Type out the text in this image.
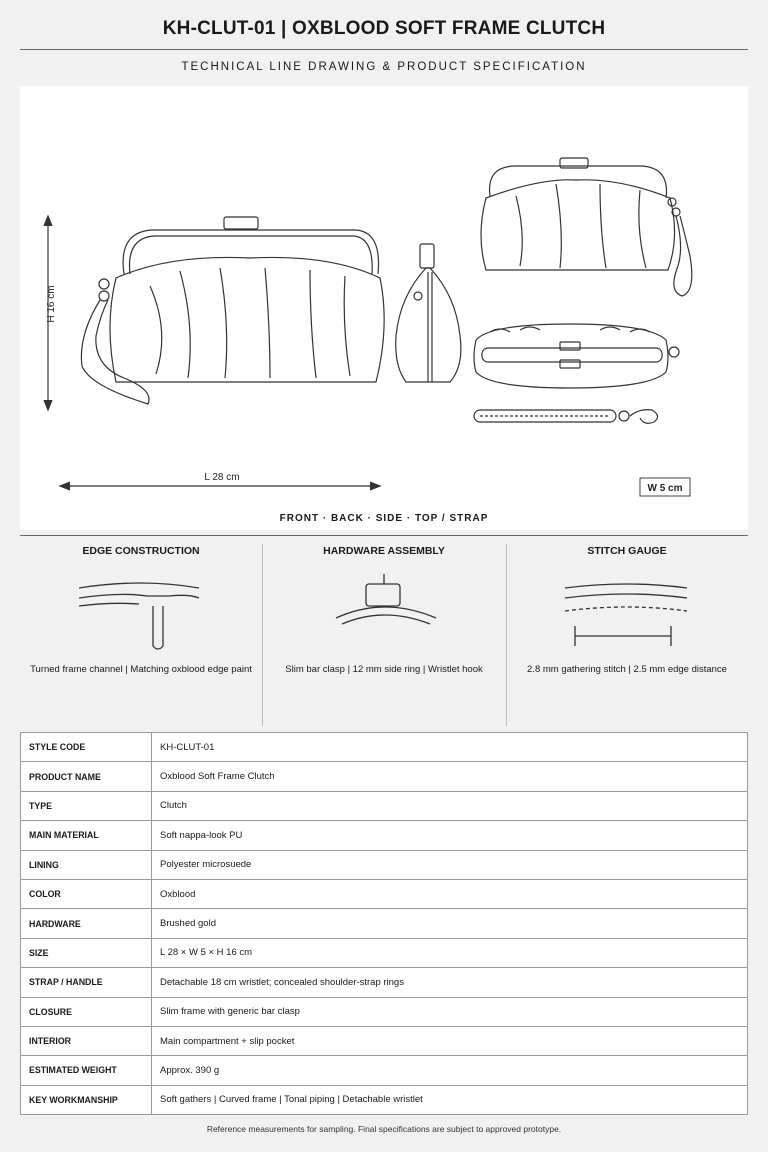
KH-CLUT-01 | OXBLOOD SOFT FRAME CLUTCH
TECHNICAL LINE DRAWING & PRODUCT SPECIFICATION
H 16 cm
L 28 cm
W 5 cm
FRONT · BACK · SIDE · TOP / STRAP
EDGE CONSTRUCTION
Turned frame channel | Matching oxblood edge paint
HARDWARE ASSEMBLY
Slim bar clasp | 12 mm side ring | Wristlet hook
STITCH GAUGE
2.8 mm gathering stitch | 2.5 mm edge distance
STYLE CODE	KH-CLUT-01
PRODUCT NAME	Oxblood Soft Frame Clutch
TYPE	Clutch
MAIN MATERIAL	Soft nappa-look PU
LINING	Polyester microsuede
COLOR	Oxblood
HARDWARE	Brushed gold
SIZE	L 28 × W 5 × H 16 cm
STRAP / HANDLE	Detachable 18 cm wristlet; concealed shoulder-strap rings
CLOSURE	Slim frame with generic bar clasp
INTERIOR	Main compartment + slip pocket
ESTIMATED WEIGHT	Approx. 390 g
KEY WORKMANSHIP	Soft gathers | Curved frame | Tonal piping | Detachable wristlet
Reference measurements for sampling. Final specifications are subject to approved prototype.
